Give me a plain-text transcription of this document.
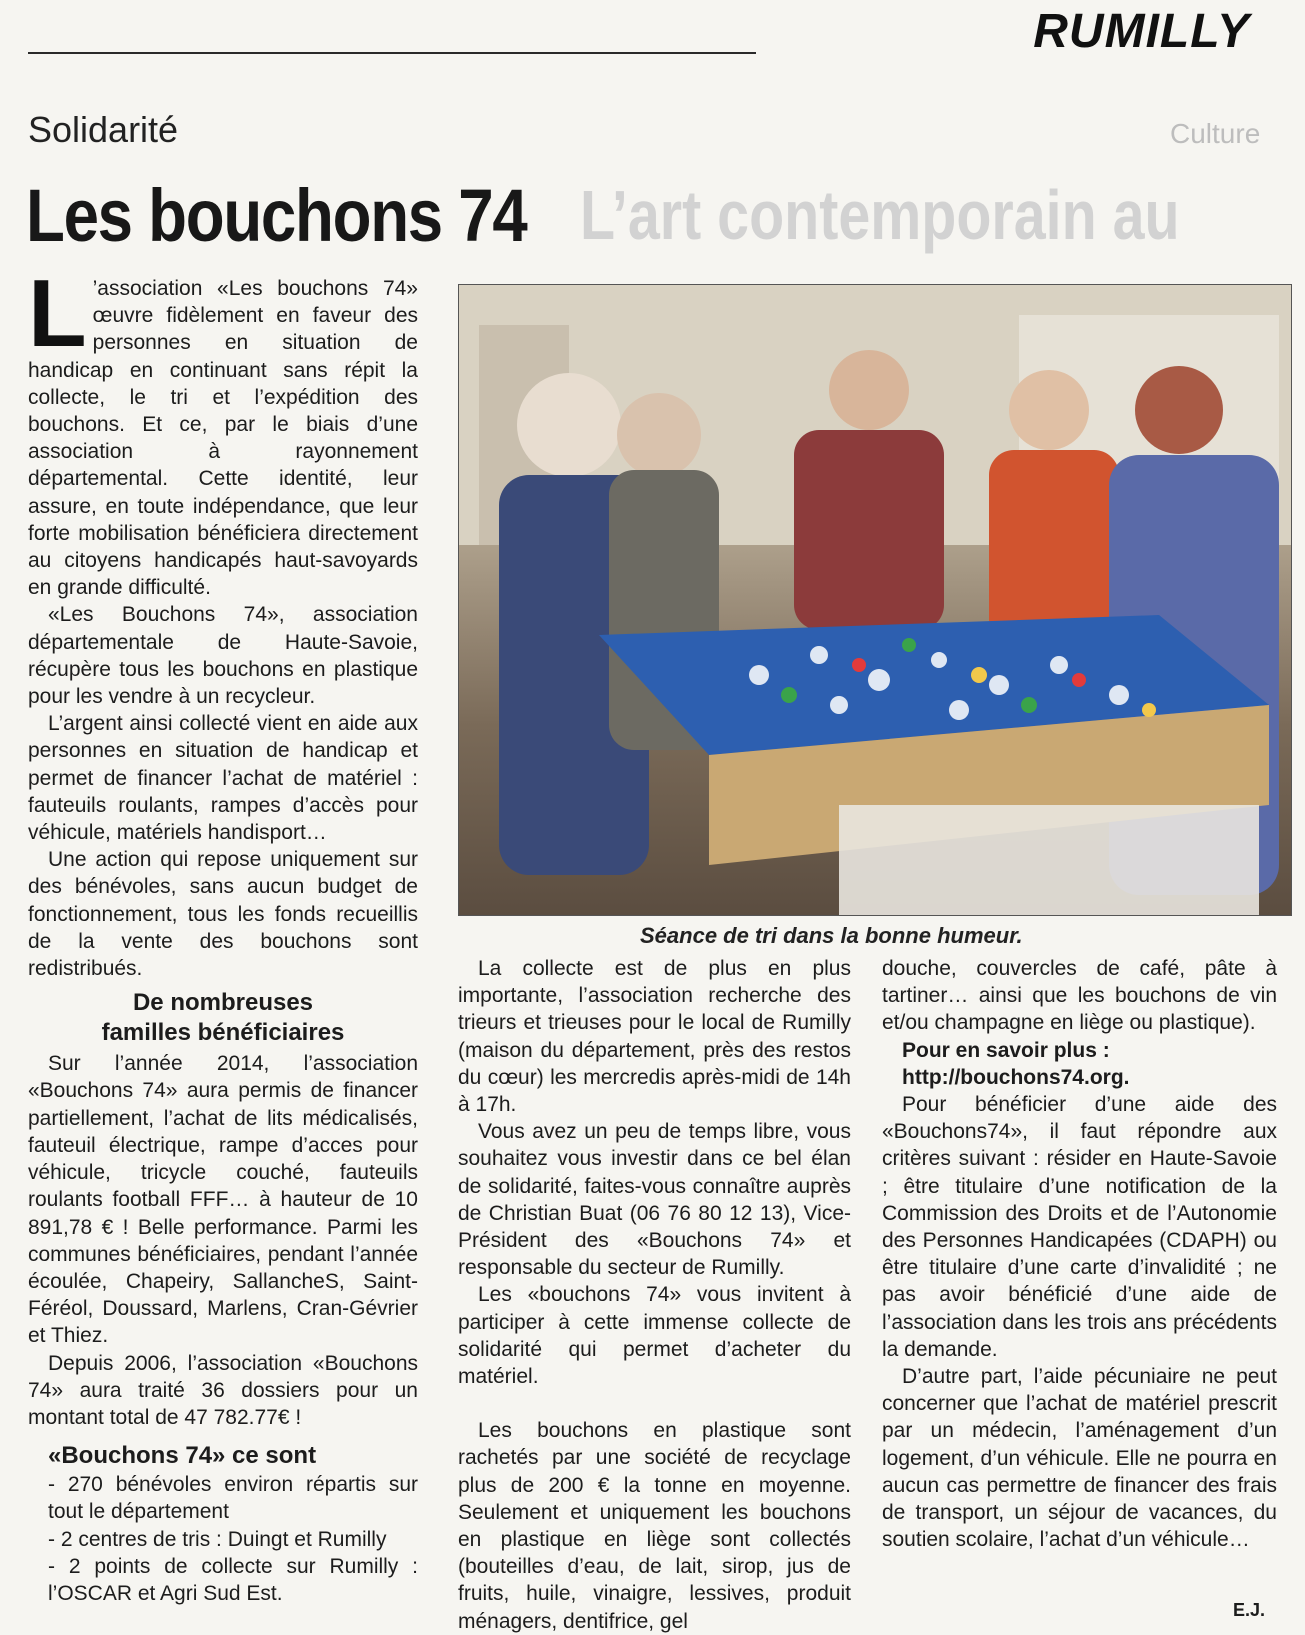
RUMILLY
Culture
L’art contemporain au
Solidarité
Les bouchons 74

L ’association «Les bouchons 74» œuvre fidèlement en faveur des personnes en situation de handicap en continuant sans répit la collecte, le tri et l’expédition des bouchons. Et ce, par le biais d’une association à rayonnement départemental. Cette identité, leur assure, en toute indépendance, que leur forte mobilisation bénéficiera directement au citoyens handicapés haut-savoyards en grande difficulté.

«Les Bouchons 74», association départementale de Haute-Savoie, récupère tous les bouchons en plastique pour les vendre à un recycleur.

L’argent ainsi collecté vient en aide aux personnes en situation de handicap et permet de financer l’achat de matériel : fauteuils roulants, rampes d’accès pour véhicule, matériels handisport…

Une action qui repose uniquement sur des bénévoles, sans aucun budget de fonctionnement, tous les fonds recueillis de la vente des bouchons sont redistribués.

De nombreuses
familles bénéficiaires

Sur l’année 2014, l’association «Bouchons 74» aura permis de financer partiellement, l’achat de lits médicalisés, fauteuil électrique, rampe d’acces pour véhicule, tricycle couché, fauteuils roulants football FFF… à hauteur de 10 891,78 € ! Belle performance. Parmi les communes bénéficiaires, pendant l’année écoulée, Chapeiry, SallancheS, Saint-Féréol, Doussard, Marlens, Cran-Gévrier et Thiez.

Depuis 2006, l’association «Bouchons 74» aura traité 36 dossiers pour un montant total de 47 782.77€ !

«Bouchons 74» ce sont

- 270 bénévoles environ répartis sur tout le département

- 2 centres de tris : Duingt et Rumilly

- 2 points de collecte sur Rumilly : l’OSCAR et Agri Sud Est.

Séance de tri dans la bonne humeur.

La collecte est de plus en plus importante, l’association recherche des trieurs et trieuses pour le local de Rumilly (maison du département, près des restos du cœur) les mercredis après-midi de 14h à 17h.

Vous avez un peu de temps libre, vous souhaitez vous investir dans ce bel élan de solidarité, faites-vous connaître auprès de Christian Buat (06 76 80 12 13), Vice-Président des «Bouchons 74» et responsable du secteur de Rumilly.

Les «bouchons 74» vous invitent à participer à cette immense collecte de solidarité qui permet d’acheter du matériel.

Les bouchons en plastique sont rachetés par une société de recyclage plus de 200 € la tonne en moyenne. Seulement et uniquement les bouchons en plastique en liège sont collectés (bouteilles d’eau, de lait, sirop, jus de fruits, huile, vinaigre, lessives, produit ménagers, dentifrice, gel

douche, couvercles de café, pâte à tartiner… ainsi que les bouchons de vin et/ou champagne en liège ou plastique).

Pour en savoir plus :

http://bouchons74.org.

Pour bénéficier d’une aide des «Bouchons74», il faut répondre aux critères suivant : résider en Haute-Savoie ; être titulaire d’une notification de la Commission des Droits et de l’Autonomie des Personnes Handicapées (CDAPH) ou être titulaire d’une carte d’invalidité ; ne pas avoir bénéficié d’une aide de l’association dans les trois ans précédents la demande.

D’autre part, l’aide pécuniaire ne peut concerner que l’achat de matériel prescrit par un médecin, l’aménagement d’un logement, d’un véhicule. Elle ne pourra en aucun cas permettre de financer des frais de transport, un séjour de vacances, du soutien scolaire, l’achat d’un véhicule…

E.J.
